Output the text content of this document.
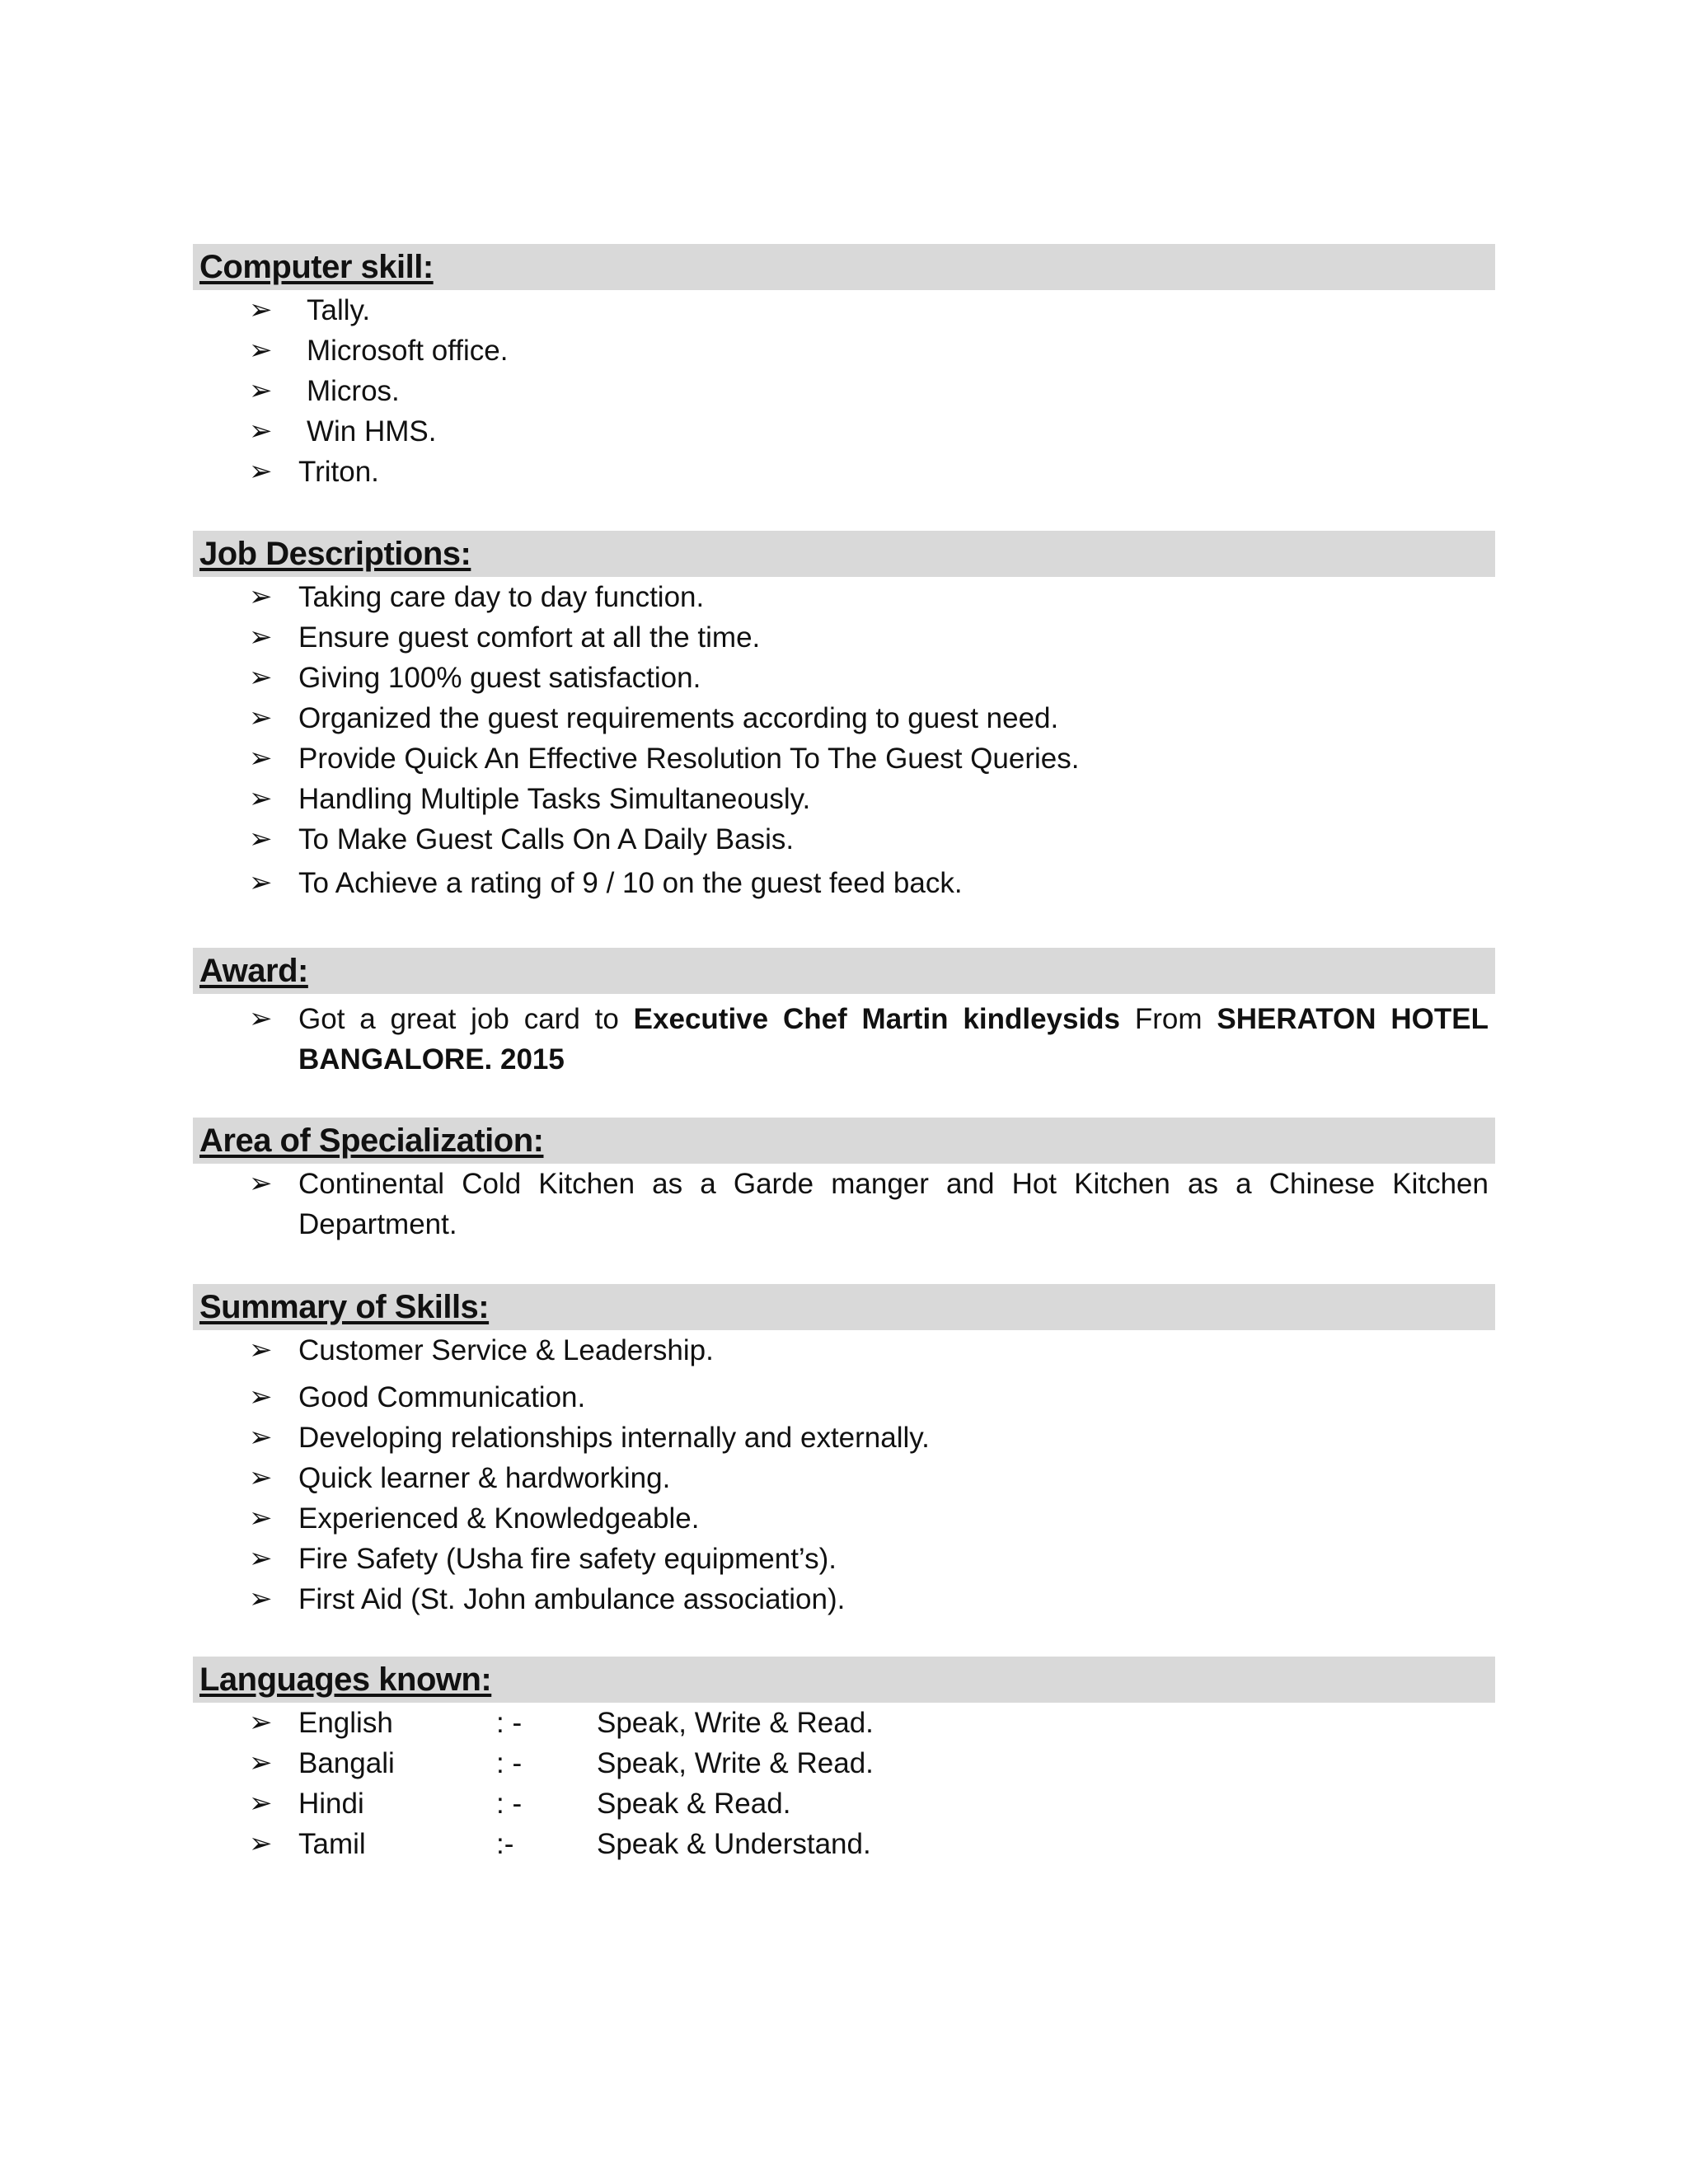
Computer skill:
➢ Tally.
➢ Microsoft office.
➢ Micros.
➢ Win HMS.
➢ Triton.
Job Descriptions:
➢ Taking care day to day function.
➢ Ensure guest comfort at all the time.
➢ Giving 100% guest satisfaction.
➢ Organized the guest requirements according to guest need.
➢ Provide Quick An Effective Resolution To The Guest Queries.
➢ Handling Multiple Tasks Simultaneously.
➢ To Make Guest Calls On A Daily Basis.
➢ To Achieve a rating of 9 / 10 on the guest feed back.
Award:
➢ Got a great job card to Executive Chef Martin kindleysids From SHERATON HOTEL BANGALORE. 2015
Area of Specialization:
➢ Continental Cold Kitchen as a Garde manger and Hot Kitchen as a Chinese Kitchen Department.
Summary of Skills:
➢ Customer Service & Leadership.
➢ Good Communication.
➢ Developing relationships internally and externally.
➢ Quick learner & hardworking.
➢ Experienced & Knowledgeable.
➢ Fire Safety (Usha fire safety equipment’s).
➢ First Aid (St. John ambulance association).
Languages known:
➢ English	: -	Speak, Write & Read.
➢ Bangali	: -	Speak, Write & Read.
➢ Hindi	: -	Speak & Read.
➢ Tamil	:-	Speak & Understand.
